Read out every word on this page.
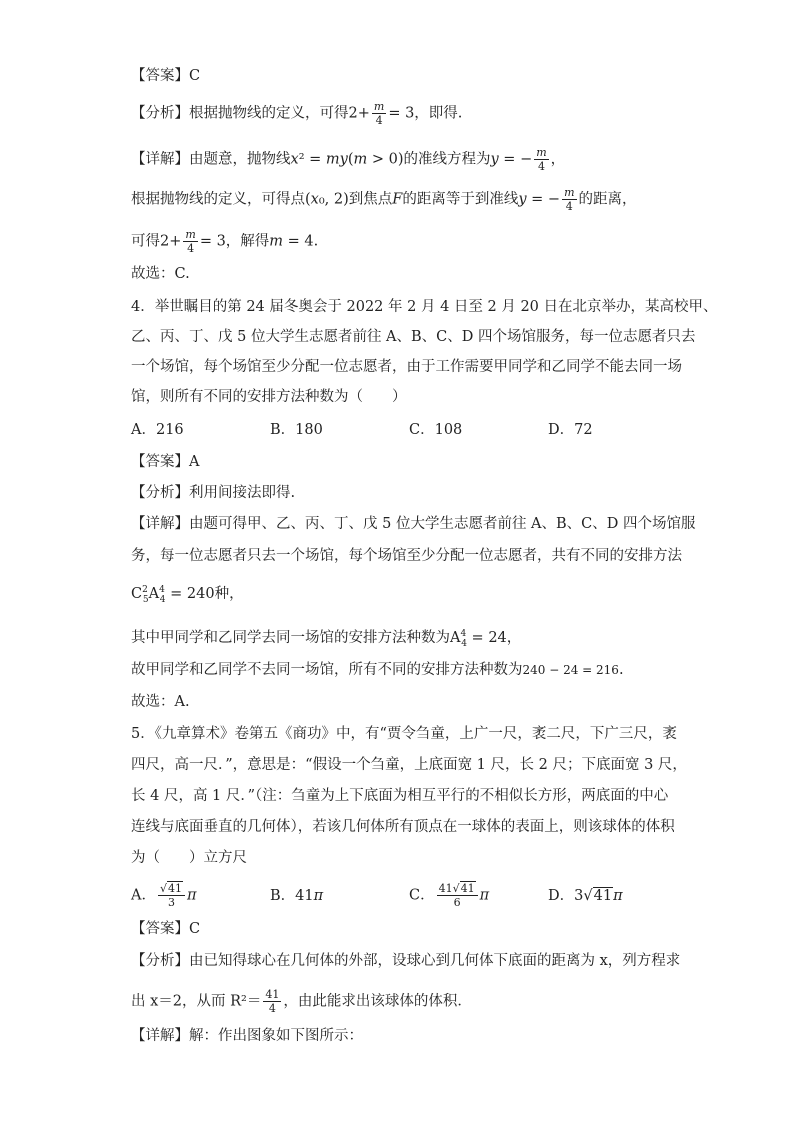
【答案】C
【分析】根据抛物线的定义，可得$2+ \frac{m}{4} = 3$，即得.
【详解】由题意，抛物线x² = my(m > 0)的准线方程为y = − $\frac{m}{4}$ ，
根据抛物线的定义，可得点(x₀, 2)到焦点F的距离等于到准线y = − $\frac{m}{4}$ 的距离，
可得$2+ \frac{m}{4} = 3$，解得m = 4.
故选：C.
4．举世瞩目的第 24 届冬奥会于 2022 年 2 月 4 日至 2 月 20 日在北京举办，某高校甲、
乙、丙、丁、戊 5 位大学生志愿者前往 A、B、C、D 四个场馆服务，每一位志愿者只去
一个场馆，每个场馆至少分配一位志愿者，由于工作需要甲同学和乙同学不能去同一场
馆，则所有不同的安排方法种数为（　　）
A．216	B．180	C．108	D．72
【答案】A
【分析】利用间接法即得.
【详解】由题可得甲、乙、丙、丁、戊 5 位大学生志愿者前往 A、B、C、D 四个场馆服
务，每一位志愿者只去一个场馆，每个场馆至少分配一位志愿者，共有不同的安排方法
$C^2_5A^4_4 = 240$种，
其中甲同学和乙同学去同一场馆的安排方法种数为$A^4_4 = 24$，
故甲同学和乙同学不去同一场馆，所有不同的安排方法种数为240 − 24 = 216.
故选：A.
5．《九章算术》卷第五《商功》中，有“贾令刍童，上广一尺，袤二尺，下广三尺，袤
四尺，高一尺．”，意思是：“假设一个刍童，上底面宽 1 尺，长 2 尺；下底面宽 3 尺，
长 4 尺，高 1 尺．”（注：刍童为上下底面为相互平行的不相似长方形，两底面的中心
连线与底面垂直的几何体），若该几何体所有顶点在一球体的表面上，则该球体的体积
为（　　）立方尺
A． $\frac{√41}{3}$ π	B．41π	C． $\frac{41√41}{6}$ π	D．3√41π
【答案】C
【分析】由已知得球心在几何体的外部，设球心到几何体下底面的距离为 x，列方程求
出 x＝2，从而 $R^2= \frac{41}{4}$ ，由此能求出该球体的体积．
【详解】解：作出图象如下图所示：
